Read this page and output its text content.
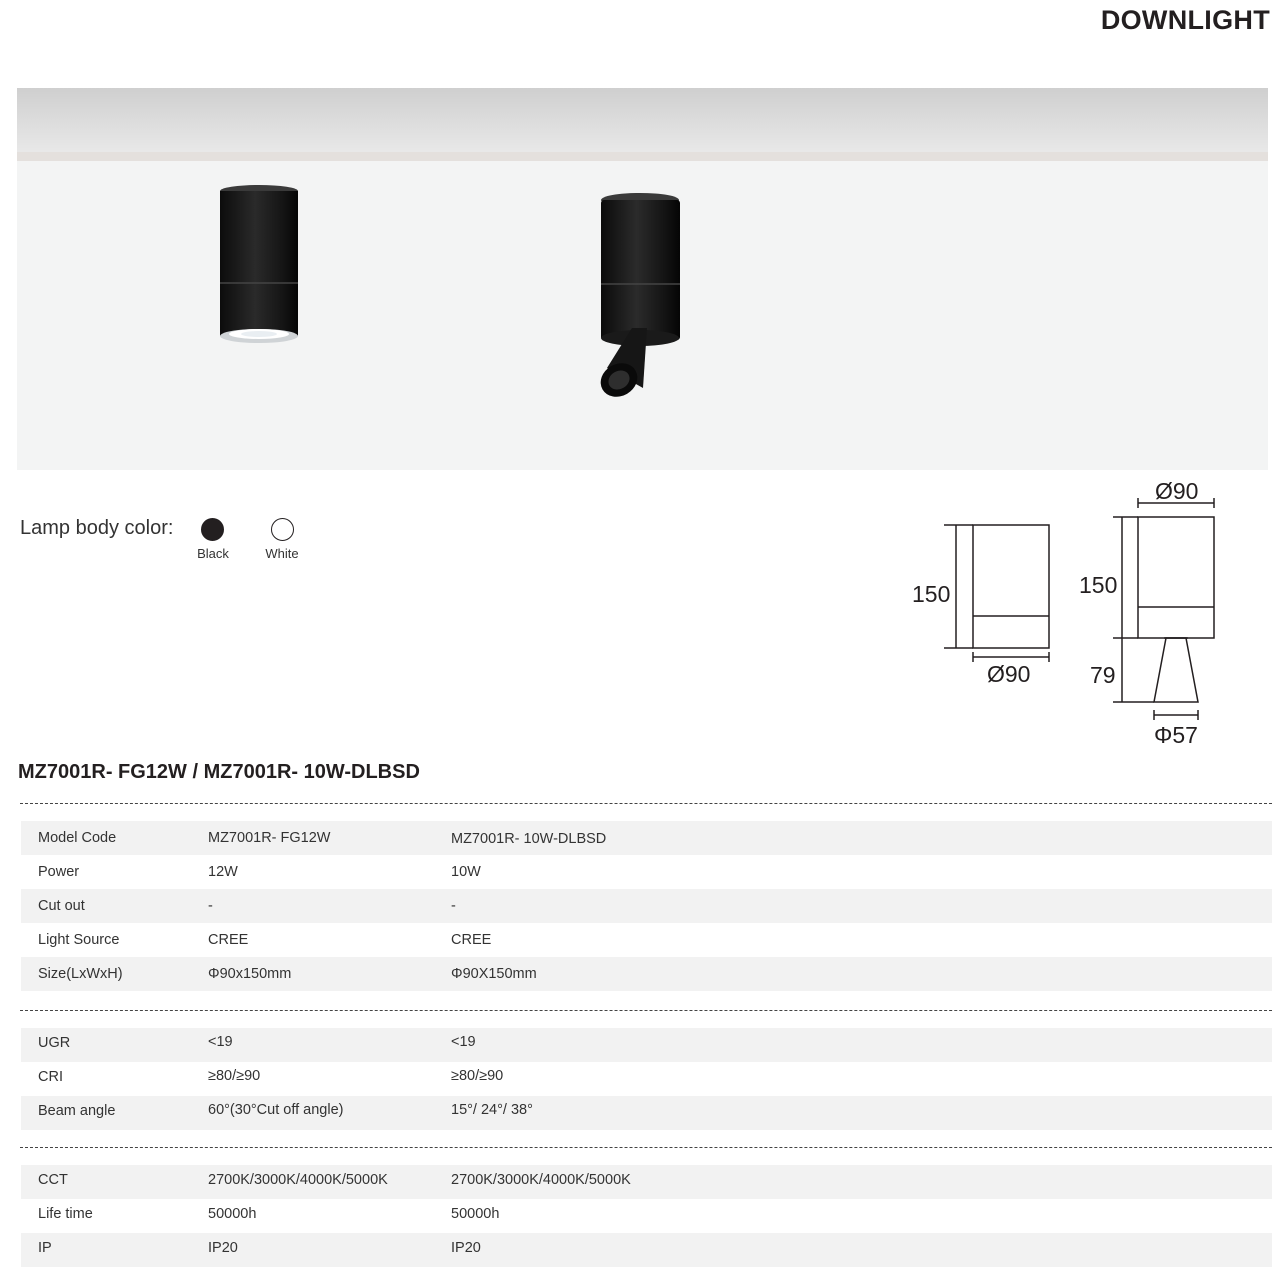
DOWNLIGHT
Lamp body color:
Black	White
150
Ø90
Ø90
150
79
Φ57
MZ7001R- FG12W / MZ7001R- 10W-DLBSD
Model Code	MZ7001R- FG12W	MZ7001R- 10W-DLBSD
Power	12W	10W
Cut out	-	-
Light Source	CREE	CREE
Size(LxWxH)	Φ90x150mm	Φ90X150mm
UGR	<19	<19
CRI	≥80/≥90	≥80/≥90
Beam angle	60°(30°Cut off angle)	15°/ 24°/ 38°
CCT	2700K/3000K/4000K/5000K	2700K/3000K/4000K/5000K
Life time	50000h	50000h
IP	IP20	IP20
